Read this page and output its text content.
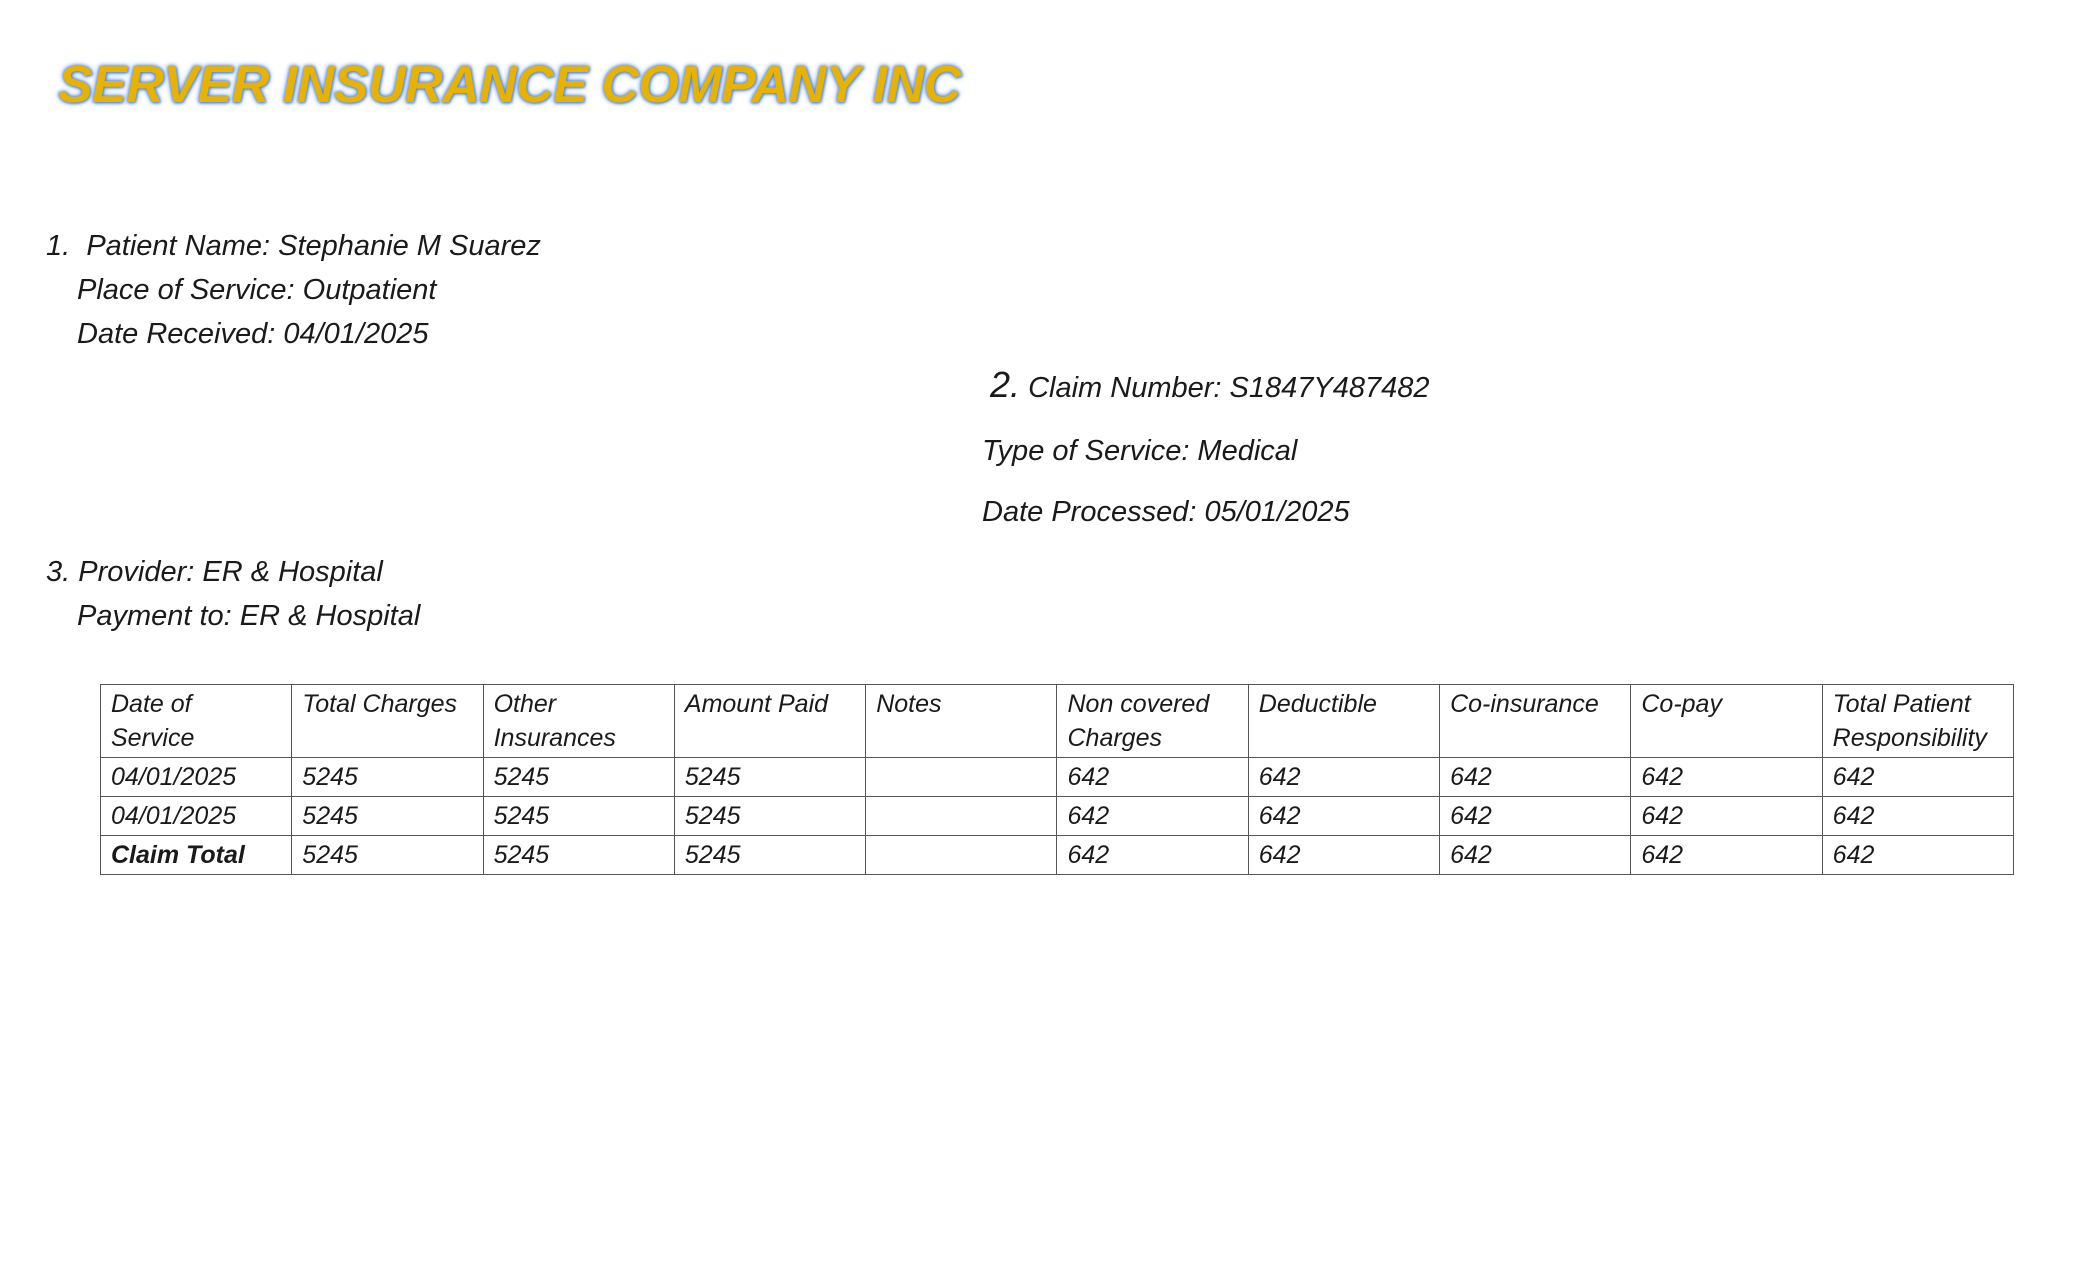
SERVER INSURANCE COMPANY INC
1. Patient Name: Stephanie M Suarez
Place of Service: Outpatient
Date Received: 04/01/2025
2. Claim Number: S1847Y487482
Type of Service: Medical
Date Processed: 05/01/2025
3. Provider: ER & Hospital
Payment to: ER & Hospital
Date of Service	Total Charges	Other Insurances	Amount Paid	Notes	Non covered Charges	Deductible	Co-insurance	Co-pay	Total Patient Responsibility
04/01/2025	5245	5245	5245		642	642	642	642	642
04/01/2025	5245	5245	5245		642	642	642	642	642
Claim Total	5245	5245	5245		642	642	642	642	642
